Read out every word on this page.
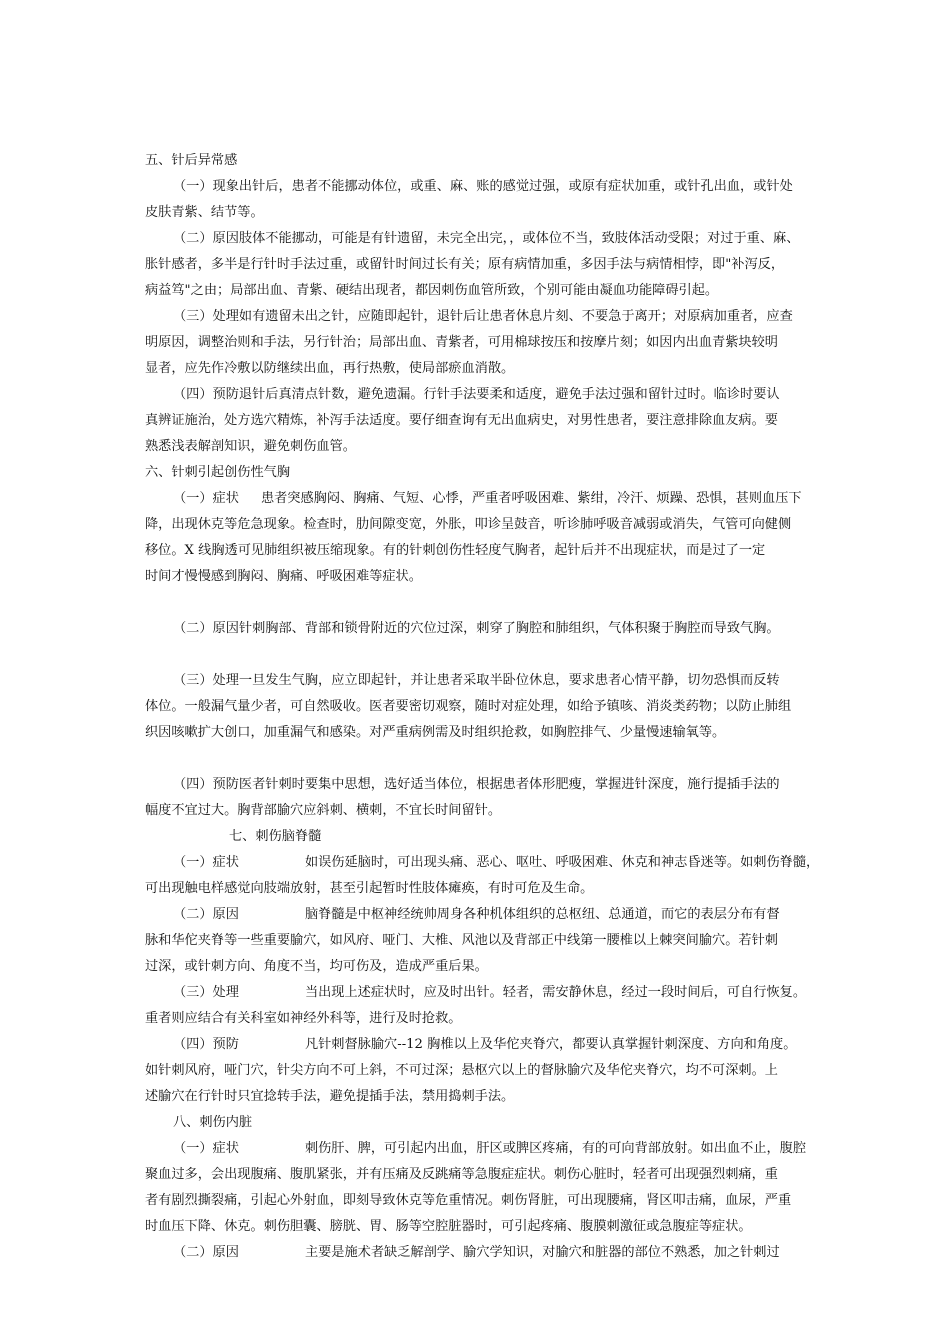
五、针后异常感

（一）现象出针后，患者不能挪动体位，或重、麻、账的感觉过强，或原有症状加重，或针孔出血，或针处

皮肤青紫、结节等。

（二）原因肢体不能挪动，可能是有针遗留，未完全出完，，或体位不当，致肢体活动受限；对过于重、麻、

胀针感者，多半是行针时手法过重，或留针时间过长有关；原有病情加重，多因手法与病情相悖，即"补泻反，

病益笃"之由；局部出血、青紫、硬结出现者，都因刺伤血管所致，个别可能由凝血功能障碍引起。

（三）处理如有遗留未出之针，应随即起针，退针后让患者休息片刻、不要急于离开；对原病加重者，应查

明原因，调整治则和手法，另行针治；局部出血、青紫者，可用棉球按压和按摩片刻；如因内出血青紫块较明

显者，应先作冷敷以防继续出血，再行热敷，使局部瘀血消散。

（四）预防退针后真清点针数，避免遗漏。行针手法要柔和适度，避免手法过强和留针过时。临诊时要认

真辨证施治，处方选穴精炼，补泻手法适度。要仔细查询有无出血病史，对男性患者，要注意排除血友病。要

熟悉浅表解剖知识，避免刺伤血管。

六、针刺引起创伤性气胸

（一）症状 患者突感胸闷、胸痛、气短、心悸，严重者呼吸困难、紫绀，冷汗、烦躁、恐惧，甚则血压下

降，出现休克等危急现象。检查时，肋间隙变宽，外胀，叩诊呈鼓音，听诊肺呼吸音减弱或消失，气管可向健侧

移位。X 线胸透可见肺组织被压缩现象。有的针刺创伤性轻度气胸者，起针后并不出现症状，而是过了一定

时间才慢慢感到胸闷、胸痛、呼吸困难等症状。

（二）原因针刺胸部、背部和锁骨附近的穴位过深，刺穿了胸腔和肺组织，气体积聚于胸腔而导致气胸。

（三）处理一旦发生气胸，应立即起针，并让患者采取半卧位休息，要求患者心情平静，切勿恐惧而反转

体位。一般漏气量少者，可自然吸收。医者要密切观察，随时对症处理，如给予镇咳、消炎类药物；以防止肺组

织因咳嗽扩大创口，加重漏气和感染。对严重病例需及时组织抢救，如胸腔排气、少量慢速输氧等。

（四）预防医者针刺时要集中思想，选好适当体位，根据患者体形肥瘦，掌握进针深度，施行提插手法的

幅度不宜过大。胸背部腧穴应斜刺、横刺，不宜长时间留针。

七、刺伤脑脊髓

（一）症状	如误伤延脑时，可出现头痛、恶心、呕吐、呼吸困难、休克和神志昏迷等。如刺伤脊髓，

可出现触电样感觉向肢端放射，甚至引起暂时性肢体瘫痪，有时可危及生命。

（二）原因	脑脊髓是中枢神经统帅周身各种机体组织的总枢纽、总通道，而它的表层分布有督

脉和华佗夹脊等一些重要腧穴，如风府、哑门、大椎、风池以及背部正中线第一腰椎以上棘突间腧穴。若针刺

过深，或针刺方向、角度不当，均可伤及，造成严重后果。

（三）处理	当出现上述症状时，应及时出针。轻者，需安静休息，经过一段时间后，可自行恢复。

重者则应结合有关科室如神经外科等，进行及时抢救。

（四）预防	凡针刺督脉腧穴--12 胸椎以上及华佗夹脊穴，都要认真掌握针刺深度、方向和角度。

如针刺风府，哑门穴，针尖方向不可上斜，不可过深；悬枢穴以上的督脉腧穴及华佗夹脊穴，均不可深刺。上

述腧穴在行针时只宜捻转手法，避免提插手法，禁用捣刺手法。

八、刺伤内脏

（一）症状	刺伤肝、脾，可引起内出血，肝区或脾区疼痛，有的可向背部放射。如出血不止，腹腔

聚血过多，会出现腹痛、腹肌紧张，并有压痛及反跳痛等急腹症症状。刺伤心脏时，轻者可出现强烈刺痛，重

者有剧烈撕裂痛，引起心外射血，即刻导致休克等危重情况。刺伤肾脏，可出现腰痛，肾区叩击痛，血尿，严重

时血压下降、休克。刺伤胆囊、膀胱、胃、肠等空腔脏器时，可引起疼痛、腹膜刺激征或急腹症等症状。

（二）原因	主要是施术者缺乏解剖学、腧穴学知识，对腧穴和脏器的部位不熟悉，加之针刺过
